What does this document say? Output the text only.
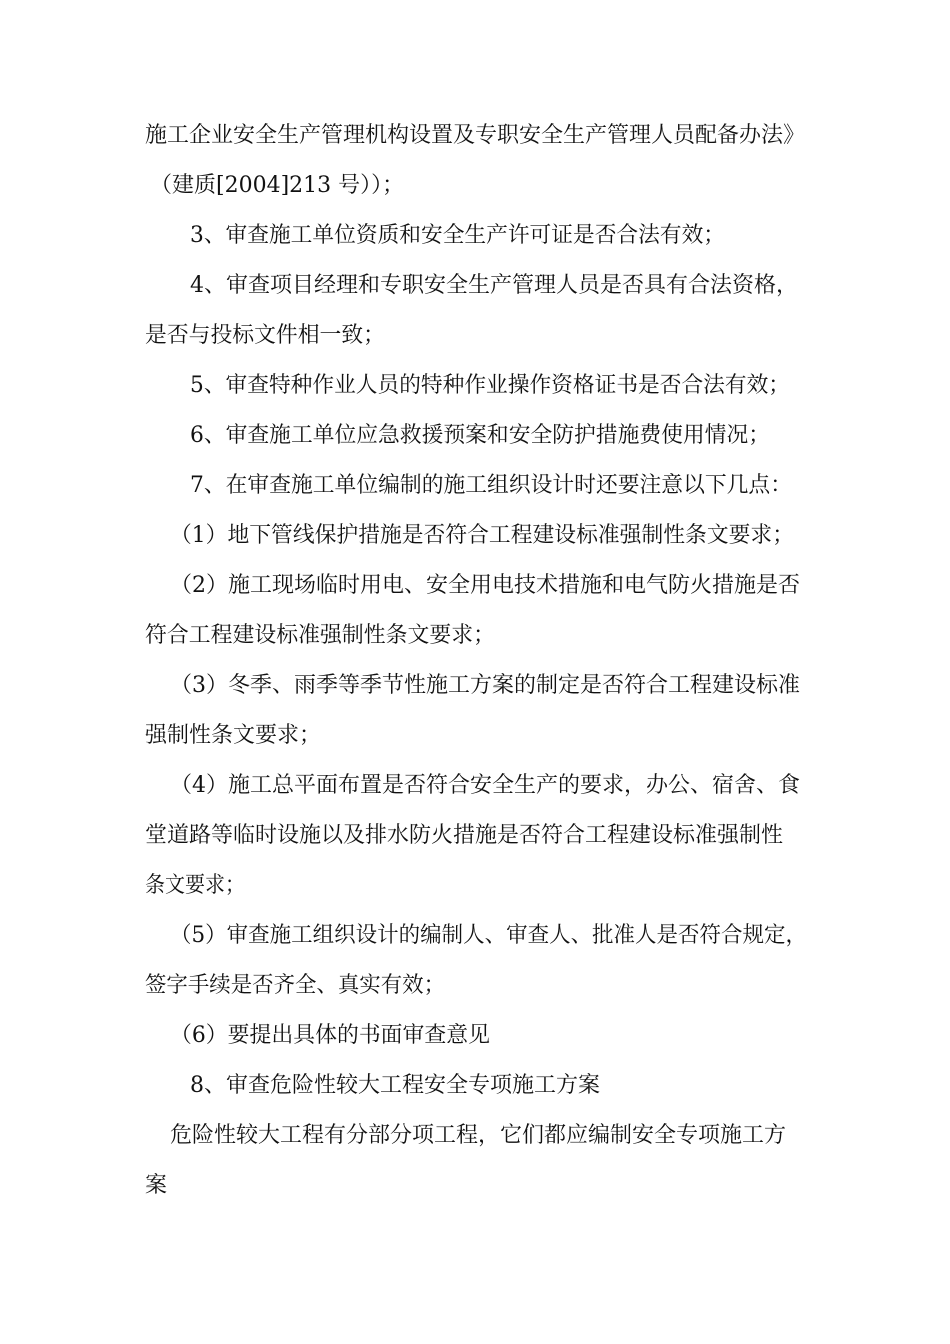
施工企业安全生产管理机构设置及专职安全生产管理人员配备办法》
（建质[2004]213 号））；
3、审查施工单位资质和安全生产许可证是否合法有效；
4、审查项目经理和专职安全生产管理人员是否具有合法资格，
是否与投标文件相一致；
5、审查特种作业人员的特种作业操作资格证书是否合法有效；
6、审查施工单位应急救援预案和安全防护措施费使用情况；
7、在审查施工单位编制的施工组织设计时还要注意以下几点：
（1）地下管线保护措施是否符合工程建设标准强制性条文要求；
（2）施工现场临时用电、安全用电技术措施和电气防火措施是否
符合工程建设标准强制性条文要求；
（3）冬季、雨季等季节性施工方案的制定是否符合工程建设标准
强制性条文要求；
（4）施工总平面布置是否符合安全生产的要求，办公、宿舍、食
堂道路等临时设施以及排水防火措施是否符合工程建设标准强制性
条文要求；
（5）审查施工组织设计的编制人、审查人、批准人是否符合规定，
签字手续是否齐全、真实有效；
（6）要提出具体的书面审查意见
8、审查危险性较大工程安全专项施工方案
危险性较大工程有分部分项工程，它们都应编制安全专项施工方
案
